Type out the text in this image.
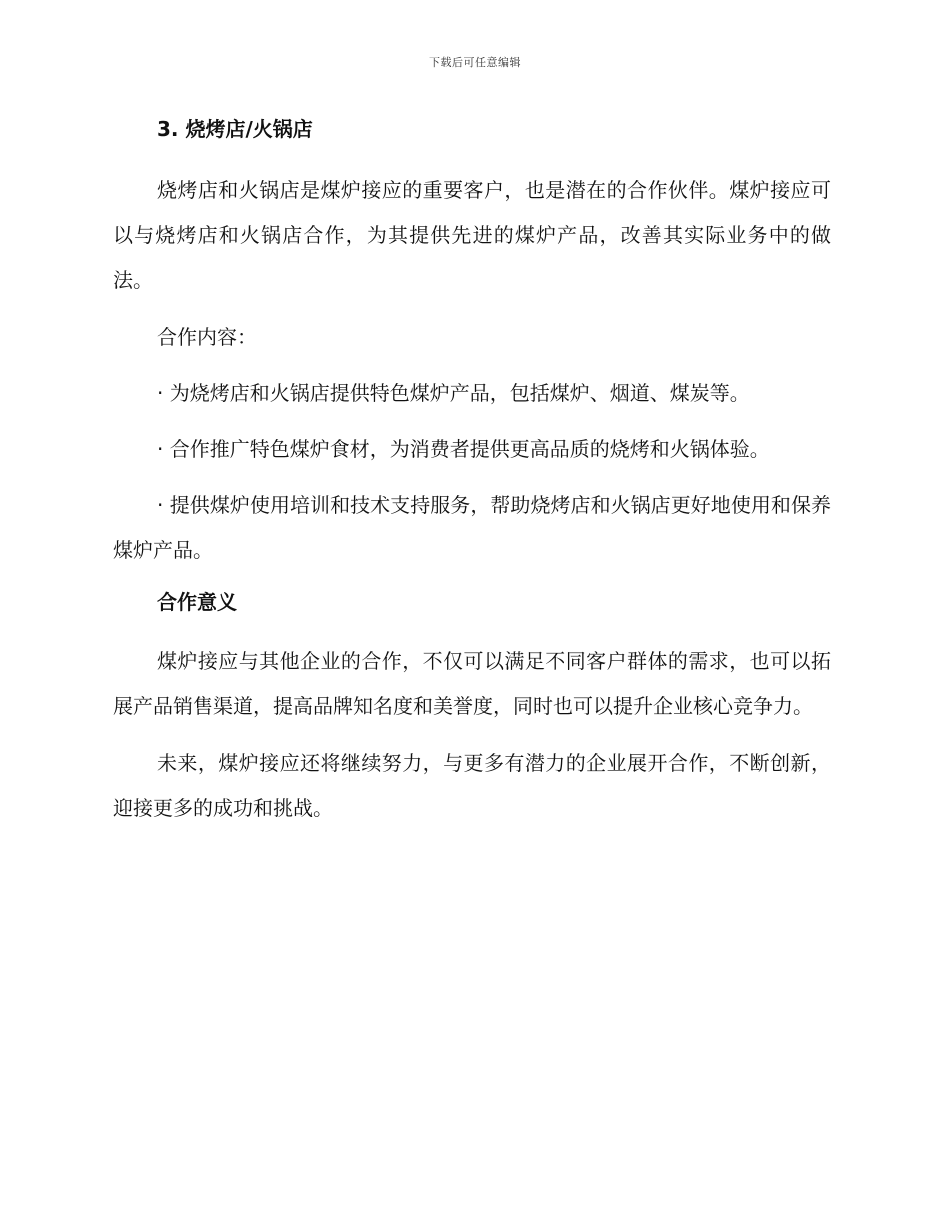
下载后可任意编辑
3. 烧烤店/火锅店

烧烤店和火锅店是煤炉接应的重要客户，也是潜在的合作伙伴。煤炉接应可以与烧烤店和火锅店合作，为其提供先进的煤炉产品，改善其实际业务中的做法。

合作内容：

· 为烧烤店和火锅店提供特色煤炉产品，包括煤炉、烟道、煤炭等。

· 合作推广特色煤炉食材，为消费者提供更高品质的烧烤和火锅体验。

· 提供煤炉使用培训和技术支持服务，帮助烧烤店和火锅店更好地使用和保养煤炉产品。

合作意义

煤炉接应与其他企业的合作，不仅可以满足不同客户群体的需求，也可以拓展产品销售渠道，提高品牌知名度和美誉度，同时也可以提升企业核心竞争力。

未来，煤炉接应还将继续努力，与更多有潜力的企业展开合作，不断创新，迎接更多的成功和挑战。
